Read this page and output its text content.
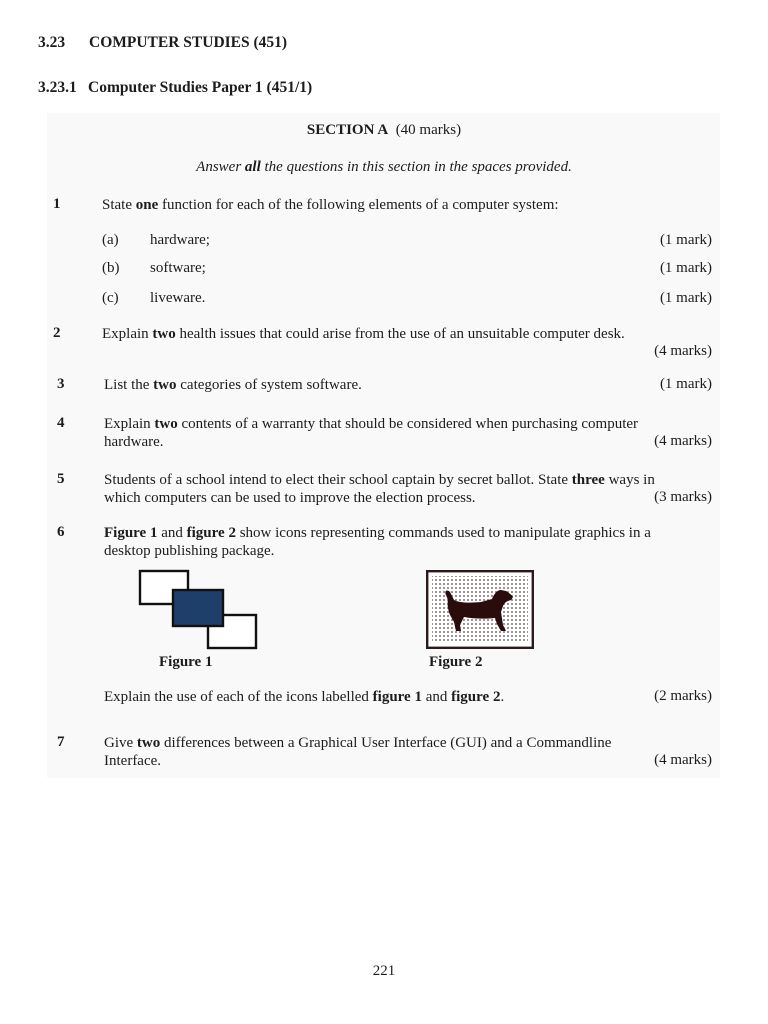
3.23 COMPUTER STUDIES (451)
3.23.1 Computer Studies Paper 1 (451/1)
SECTION A (40 marks)
Answer all the questions in this section in the spaces provided.
1	State one function for each of the following elements of a computer system:
(a) hardware;	(1 mark)
(b) software;	(1 mark)
(c) liveware.	(1 mark)
2	Explain two health issues that could arise from the use of an unsuitable computer desk.
(4 marks)
3	List the two categories of system software.	(1 mark)
4	Explain two contents of a warranty that should be considered when purchasing computer
hardware.	(4 marks)
5	Students of a school intend to elect their school captain by secret ballot. State three ways in
which computers can be used to improve the election process.	(3 marks)
6	Figure 1 and figure 2 show icons representing commands used to manipulate graphics in a
desktop publishing package.
Figure 1	Figure 2
Explain the use of each of the icons labelled figure 1 and figure 2.	(2 marks)
7	Give two differences between a Graphical User Interface (GUI) and a Commandline
Interface.	(4 marks)
221
